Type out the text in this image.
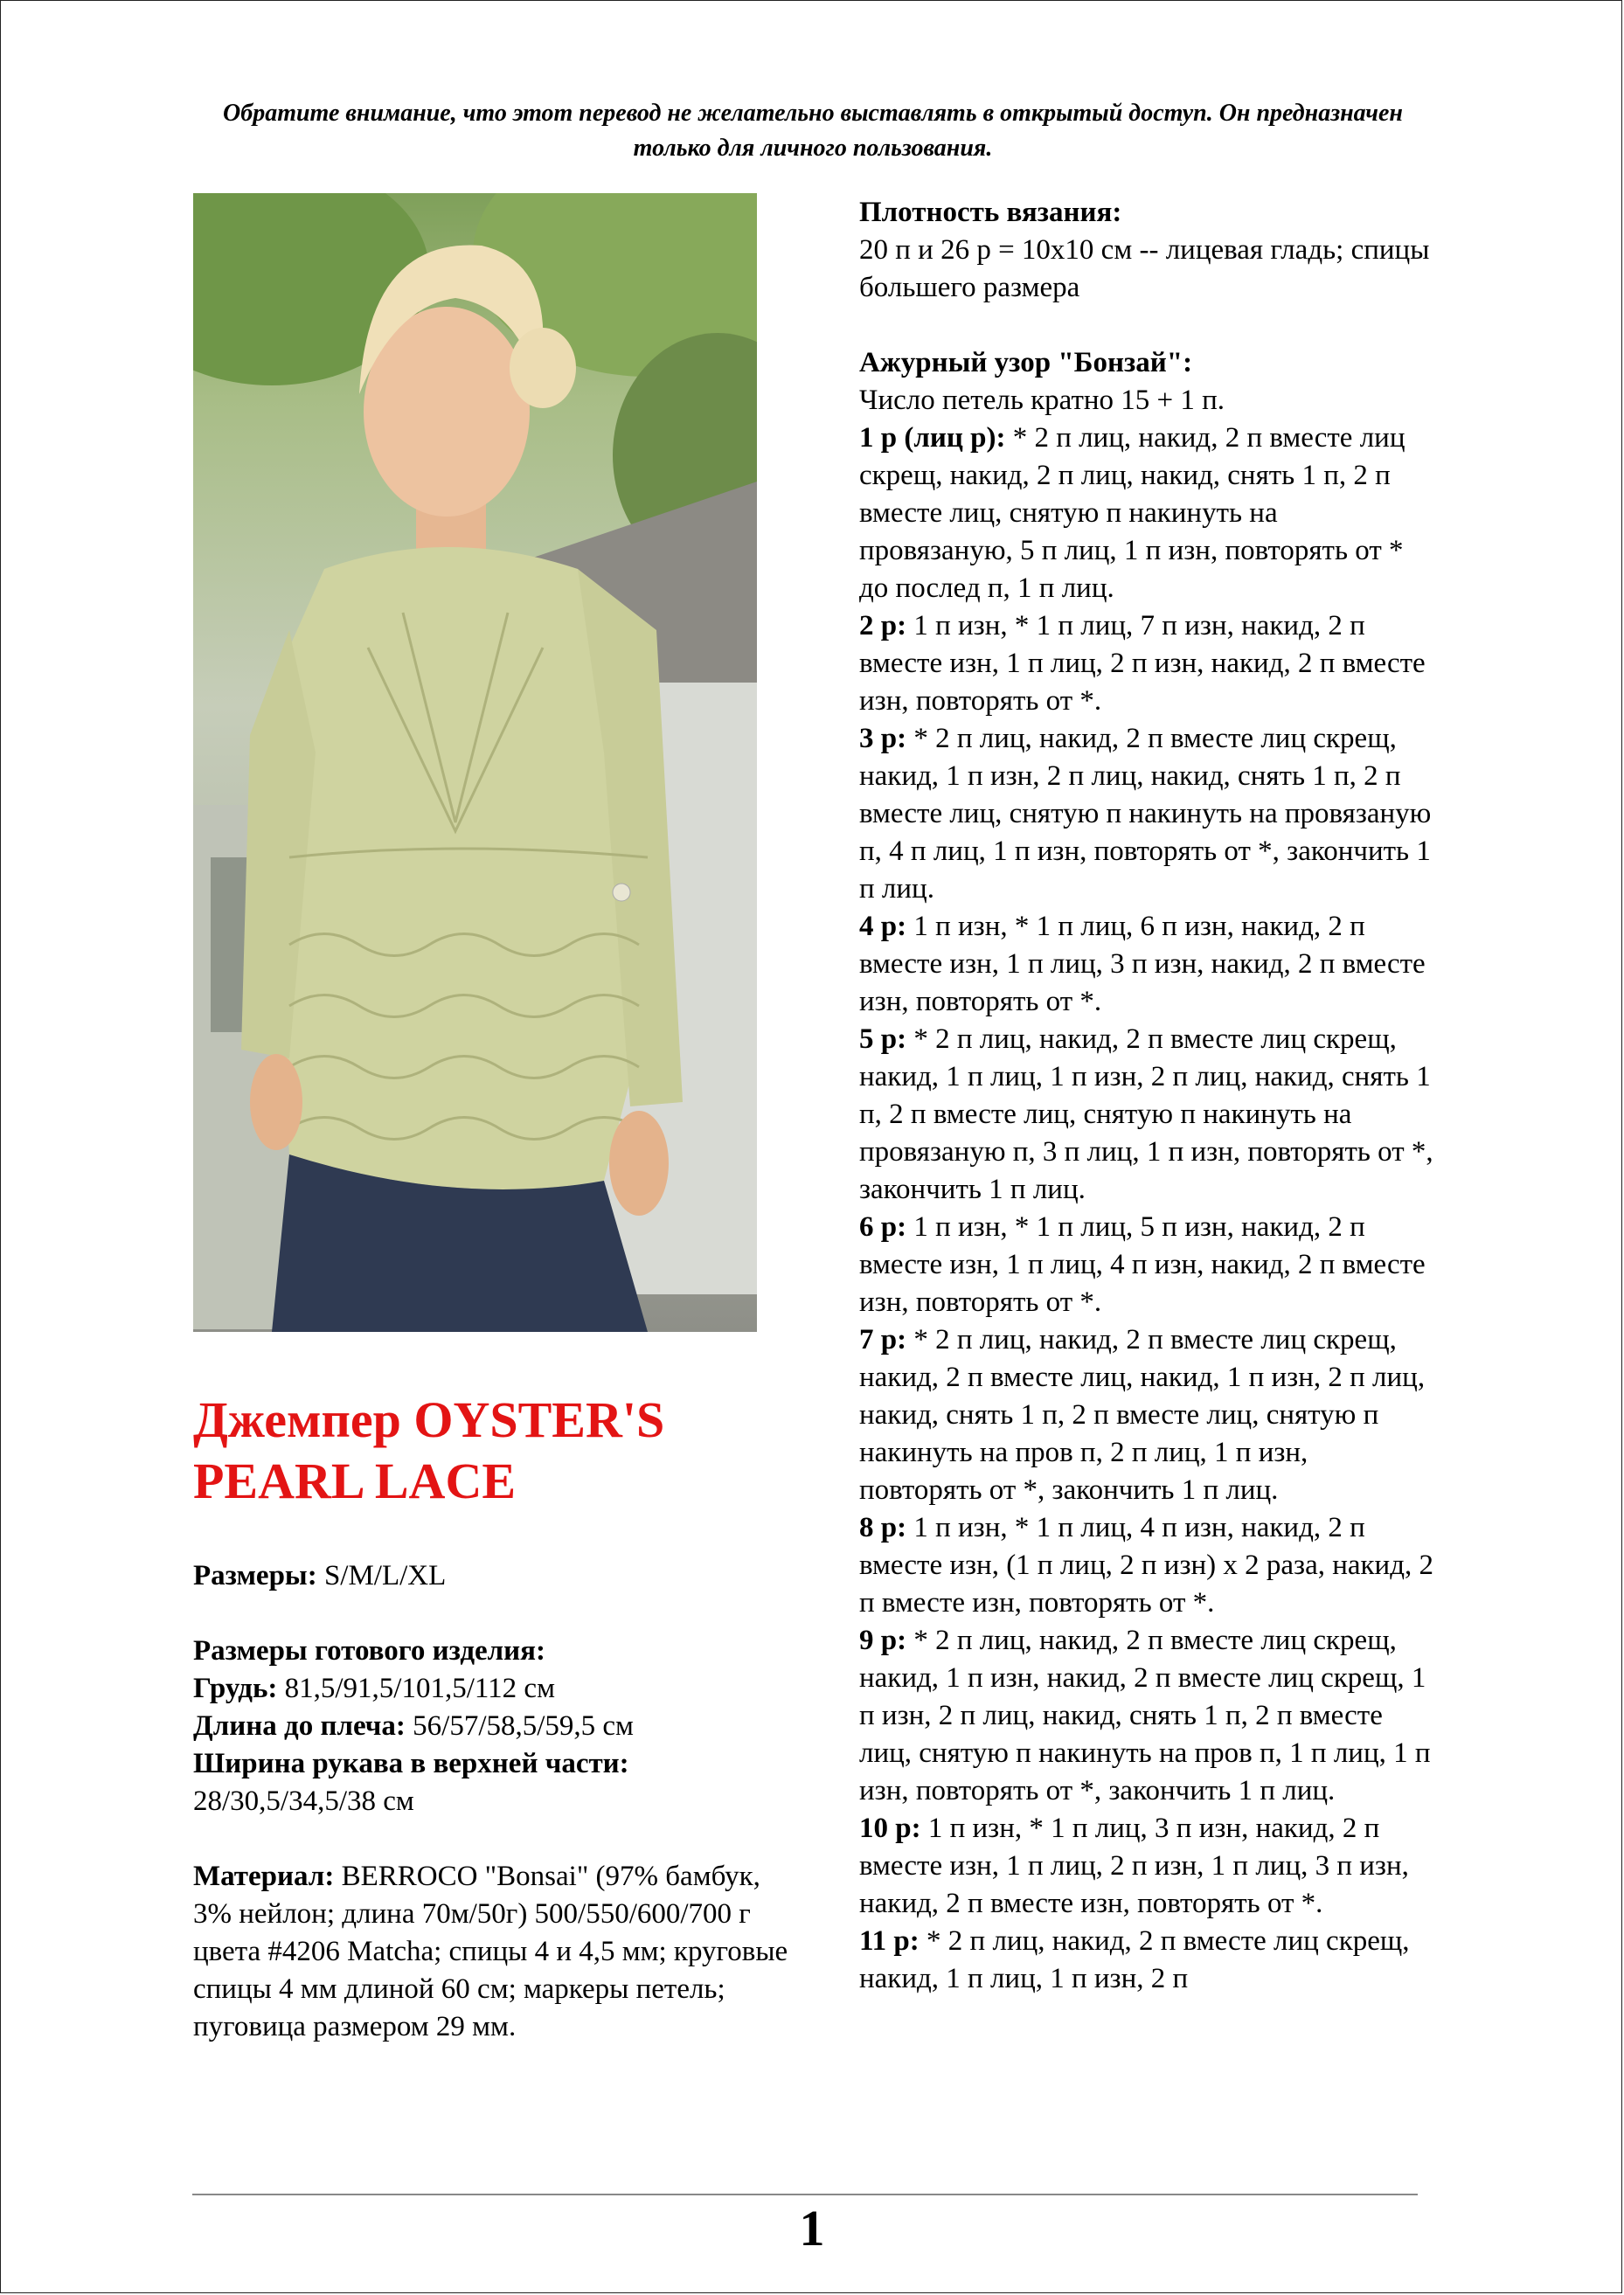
Обратите внимание, что этот перевод не желательно выставлять в открытый доступ. Он предназначен только для личного пользования.
Джемпер OYSTER'S PEARL LACE

Размеры: S/M/L/XL

Размеры готового изделия:

Грудь: 81,5/91,5/101,5/112 см

Длина до плеча: 56/57/58,5/59,5 см

Ширина рукава в верхней части:

28/30,5/34,5/38 см

Материал: BERROCO "Bonsai" (97% бамбук, 3% нейлон; длина 70м/50г) 500/550/600/700 г цвета #4206 Matcha; спицы 4 и 4,5 мм; круговые спицы 4 мм длиной 60 см; маркеры петель; пуговица размером 29 мм.

Плотность вязания:

20 п и 26 р = 10х10 см -- лицевая гладь; спицы большего размера

Ажурный узор "Бонзай":

Число петель кратно 15 + 1 п.

1 р (лиц р): * 2 п лиц, накид, 2 п вместе лиц скрещ, накид, 2 п лиц, накид, снять 1 п, 2 п вместе лиц, снятую п накинуть на провязаную, 5 п лиц, 1 п изн, повторять от * до послед п, 1 п лиц.

2 р: 1 п изн, * 1 п лиц, 7 п изн, накид, 2 п вместе изн, 1 п лиц, 2 п изн, накид, 2 п вместе изн, повторять от *.

3 р: * 2 п лиц, накид, 2 п вместе лиц скрещ, накид, 1 п изн, 2 п лиц, накид, снять 1 п, 2 п вместе лиц, снятую п накинуть на провязаную п, 4 п лиц, 1 п изн, повторять от *, закончить 1 п лиц.

4 р: 1 п изн, * 1 п лиц, 6 п изн, накид, 2 п вместе изн, 1 п лиц, 3 п изн, накид, 2 п вместе изн, повторять от *.

5 р: * 2 п лиц, накид, 2 п вместе лиц скрещ, накид, 1 п лиц, 1 п изн, 2 п лиц, накид, снять 1 п, 2 п вместе лиц, снятую п накинуть на провязаную п, 3 п лиц, 1 п изн, повторять от *, закончить 1 п лиц.

6 р: 1 п изн, * 1 п лиц, 5 п изн, накид, 2 п вместе изн, 1 п лиц, 4 п изн, накид, 2 п вместе изн, повторять от *.

7 р: * 2 п лиц, накид, 2 п вместе лиц скрещ, накид, 2 п вместе лиц, накид, 1 п изн, 2 п лиц, накид, снять 1 п, 2 п вместе лиц, снятую п накинуть на пров п, 2 п лиц, 1 п изн, повторять от *, закончить 1 п лиц.

8 р: 1 п изн, * 1 п лиц, 4 п изн, накид, 2 п вместе изн, (1 п лиц, 2 п изн) х 2 раза, накид, 2 п вместе изн, повторять от *.

9 р: * 2 п лиц, накид, 2 п вместе лиц скрещ, накид, 1 п изн, накид, 2 п вместе лиц скрещ, 1 п изн, 2 п лиц, накид, снять 1 п, 2 п вместе лиц, снятую п накинуть на пров п, 1 п лиц, 1 п изн, повторять от *, закончить 1 п лиц.

10 р: 1 п изн, * 1 п лиц, 3 п изн, накид, 2 п вместе изн, 1 п лиц, 2 п изн, 1 п лиц, 3 п изн, накид, 2 п вместе изн, повторять от *.

11 р: * 2 п лиц, накид, 2 п вместе лиц скрещ, накид, 1 п лиц, 1 п изн, 2 п

1
